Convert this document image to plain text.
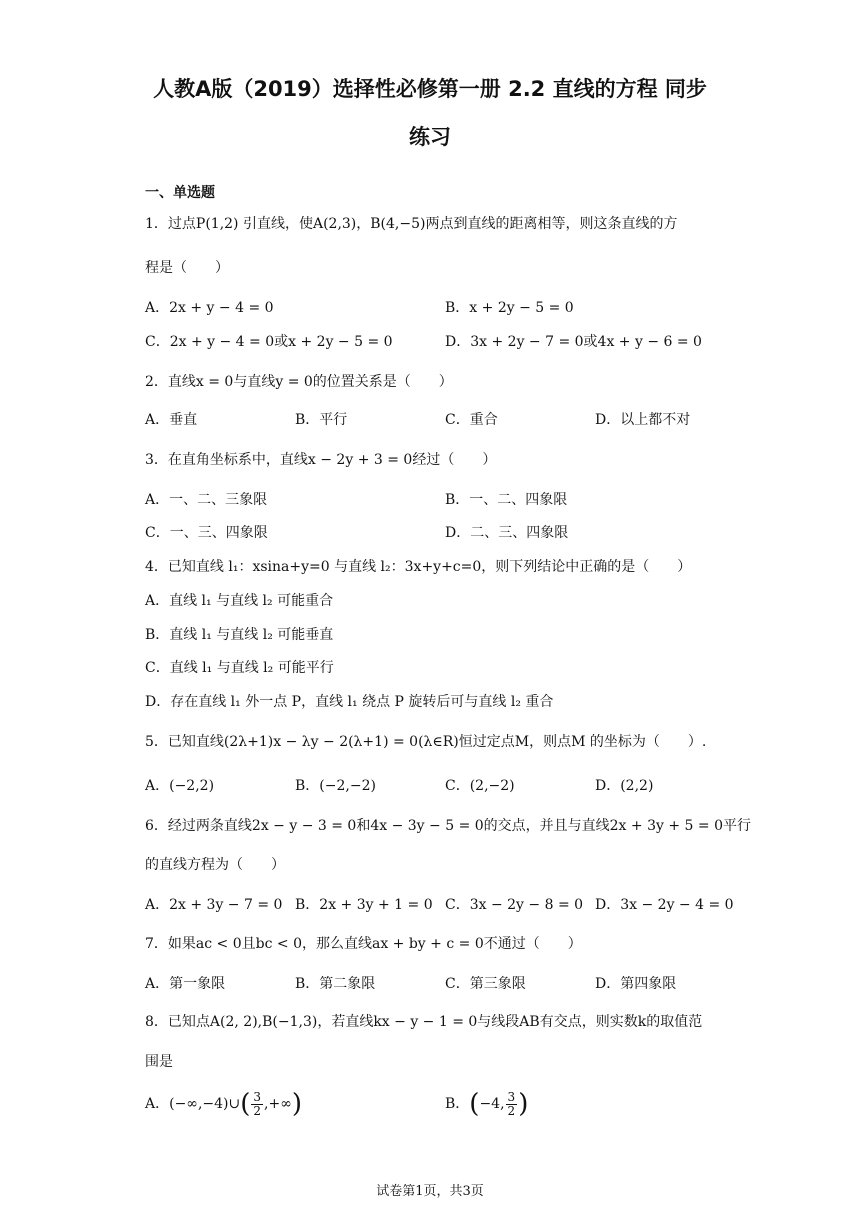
人教A版（2019）选择性必修第一册 2.2 直线的方程 同步
练习
一、单选题
1．过点P(1,2) 引直线，使A(2,3)，B(4,−5)两点到直线的距离相等，则这条直线的方
程是（　　）
A．2x + y − 4 = 0	B．x + 2y − 5 = 0
C．2x + y − 4 = 0或x + 2y − 5 = 0	D．3x + 2y − 7 = 0或4x + y − 6 = 0
2．直线x = 0与直线y = 0的位置关系是（　　）
A．垂直	B．平行	C．重合	D．以上都不对
3．在直角坐标系中，直线x − 2y + 3 = 0经过（　　）
A．一、二、三象限	B．一、二、四象限
C．一、三、四象限	D．二、三、四象限
4．已知直线 l₁：xsina+y=0 与直线 l₂：3x+y+c=0，则下列结论中正确的是（　　）
A．直线 l₁ 与直线 l₂ 可能重合
B．直线 l₁ 与直线 l₂ 可能垂直
C．直线 l₁ 与直线 l₂ 可能平行
D．存在直线 l₁ 外一点 P，直线 l₁ 绕点 P 旋转后可与直线 l₂ 重合
5．已知直线(2λ+1)x − λy − 2(λ+1) = 0(λ∈R)恒过定点M，则点M 的坐标为（　　）.
A．(−2,2)	B．(−2,−2)	C．(2,−2)	D．(2,2)
6．经过两条直线2x − y − 3 = 0和4x − 3y − 5 = 0的交点，并且与直线2x + 3y + 5 = 0平行
的直线方程为（　　）
A．2x + 3y − 7 = 0 B．2x + 3y + 1 = 0 C．3x − 2y − 8 = 0 D．3x − 2y − 4 = 0
7．如果ac < 0且bc < 0，那么直线ax + by + c = 0不通过（　　）
A．第一象限	B．第二象限	C．第三象限	D．第四象限
8．已知点A(2, 2),B(−1,3)，若直线kx − y − 1 = 0与线段AB有交点，则实数k的取值范
围是
A．(−∞,−4)∪ ( $\frac{3}{2}$ ,+∞ )	B． ( −4, $\frac{3}{2}$ )
试卷第1页，共3页
